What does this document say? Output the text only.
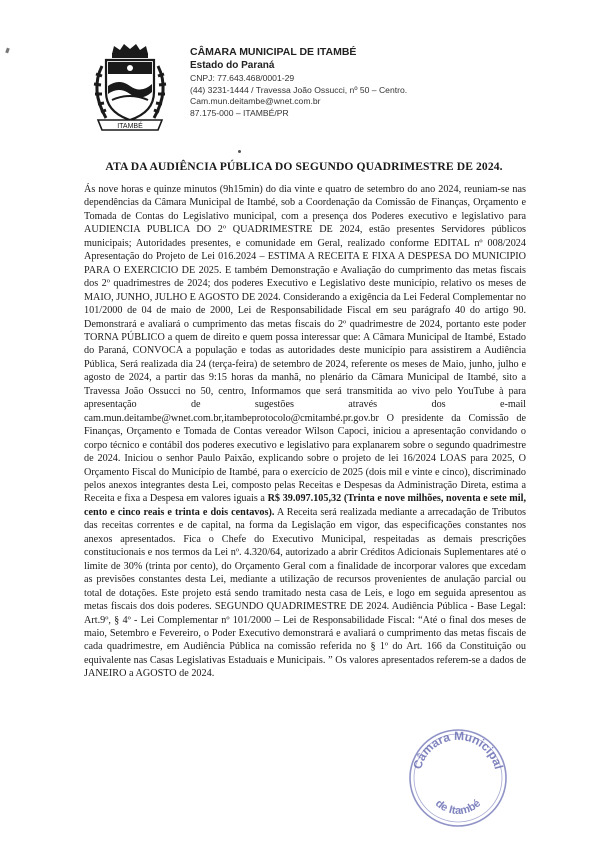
ITAMBÉ
CÂMARA MUNICIPAL DE ITAMBÉ
Estado do Paraná
CNPJ: 77.643.468/0001-29
(44) 3231-1444 / Travessa João Ossucci, nº 50 – Centro.
Cam.mun.deitambe@wnet.com.br
87.175-000 – ITAMBÉ/PR
ATA DA AUDIÊNCIA PÚBLICA DO SEGUNDO QUADRIMESTRE DE 2024.

Ás nove horas e quinze minutos (9h15min) do dia vinte e quatro de setembro do ano 2024, reuniam-se nas dependências da Câmara Municipal de Itambé, sob a Coordenação da Comissão de Finanças, Orçamento e Tomada de Contas do Legislativo municipal, com a presença dos Poderes executivo e legislativo para AUDIENCIA PUBLICA DO 2º QUADRIMESTRE DE 2024, estão presentes Servidores públicos municipais; Autoridades presentes, e comunidade em Geral, realizado conforme EDITAL nº 008/2024 Apresentação do Projeto de Lei 016.2024 – ESTIMA A RECEITA E FIXA A DESPESA DO MUNICIPIO PARA O EXERCICIO DE 2025. E também Demonstração e Avaliação do cumprimento das metas fiscais dos 2º quadrimestres de 2024; dos poderes Executivo e Legislativo deste município, relativo os meses de MAIO, JUNHO, JULHO E AGOSTO DE 2024. Considerando a exigência da Lei Federal Complementar no 101/2000 de 04 de maio de 2000, Lei de Responsabilidade Fiscal em seu parágrafo 40 do artigo 90. Demonstrará e avaliará o cumprimento das metas fiscais do 2º quadrimestre de 2024, portanto este poder TORNA PÚBLICO a quem de direito e quem possa interessar que: A Câmara Municipal de Itambé, Estado do Paraná, CONVOCA a população e todas as autoridades deste município para assistirem a Audiência Pública, Será realizada dia 24 (terça-feira) de setembro de 2024, referente os meses de Maio, junho, julho e agosto de 2024, a partir das 9:15 horas da manhã, no plenário da Câmara Municipal de Itambé, sito a Travessa João Ossucci no 50, centro, Informamos que será transmitida ao vivo pelo YouTube à para apresentação de sugestões através dos e-mail cam.mun.deitambe@wnet.com.br,itambeprotocolo@cmitambé.pr.gov.br O presidente da Comissão de Finanças, Orçamento e Tomada de Contas vereador Wilson Capoci, iniciou a apresentação convidando o corpo técnico e contábil dos poderes executivo e legislativo para explanarem sobre o segundo quadrimestre de 2024. Iniciou o senhor Paulo Paixão, explicando sobre o projeto de lei 16/2024 LOAS para 2025, O Orçamento Fiscal do Município de Itambé, para o exercício de 2025 (dois mil e vinte e cinco), discriminado pelos anexos integrantes desta Lei, composto pelas Receitas e Despesas da Administração Direta, estima a Receita e fixa a Despesa em valores iguais a R$ 39.097.105,32 (Trinta e nove milhões, noventa e sete mil, cento e cinco reais e trinta e dois centavos). A Receita será realizada mediante a arrecadação de Tributos das receitas correntes e de capital, na forma da Legislação em vigor, das especificações constantes nos anexos apresentados. Fica o Chefe do Executivo Municipal, respeitadas as demais prescrições constitucionais e nos termos da Lei nº. 4.320/64, autorizado a abrir Créditos Adicionais Suplementares até o limite de 30% (trinta por cento), do Orçamento Geral com a finalidade de incorporar valores que excedam as previsões constantes desta Lei, mediante a utilização de recursos provenientes de anulação parcial ou total de dotações. Este projeto está sendo tramitado nesta casa de Leis, e logo em seguida apresentou as metas fiscais dos dois poderes. SEGUNDO QUADRIMESTRE DE 2024. Audiência Pública - Base Legal: Art.9º, § 4º - Lei Complementar nº 101/2000 – Lei de Responsabilidade Fiscal: “Até o final dos meses de maio, Setembro e Fevereiro, o Poder Executivo demonstrará e avaliará o cumprimento das metas fiscais de cada quadrimestre, em Audiência Pública na comissão referida no § 1º do Art. 166 da Constituição ou equivalente nas Casas Legislativas Estaduais e Municipais. ” Os valores apresentados referem-se a dados de JANEIRO a AGOSTO de 2024.

Câmara Municipal
de Itambé
